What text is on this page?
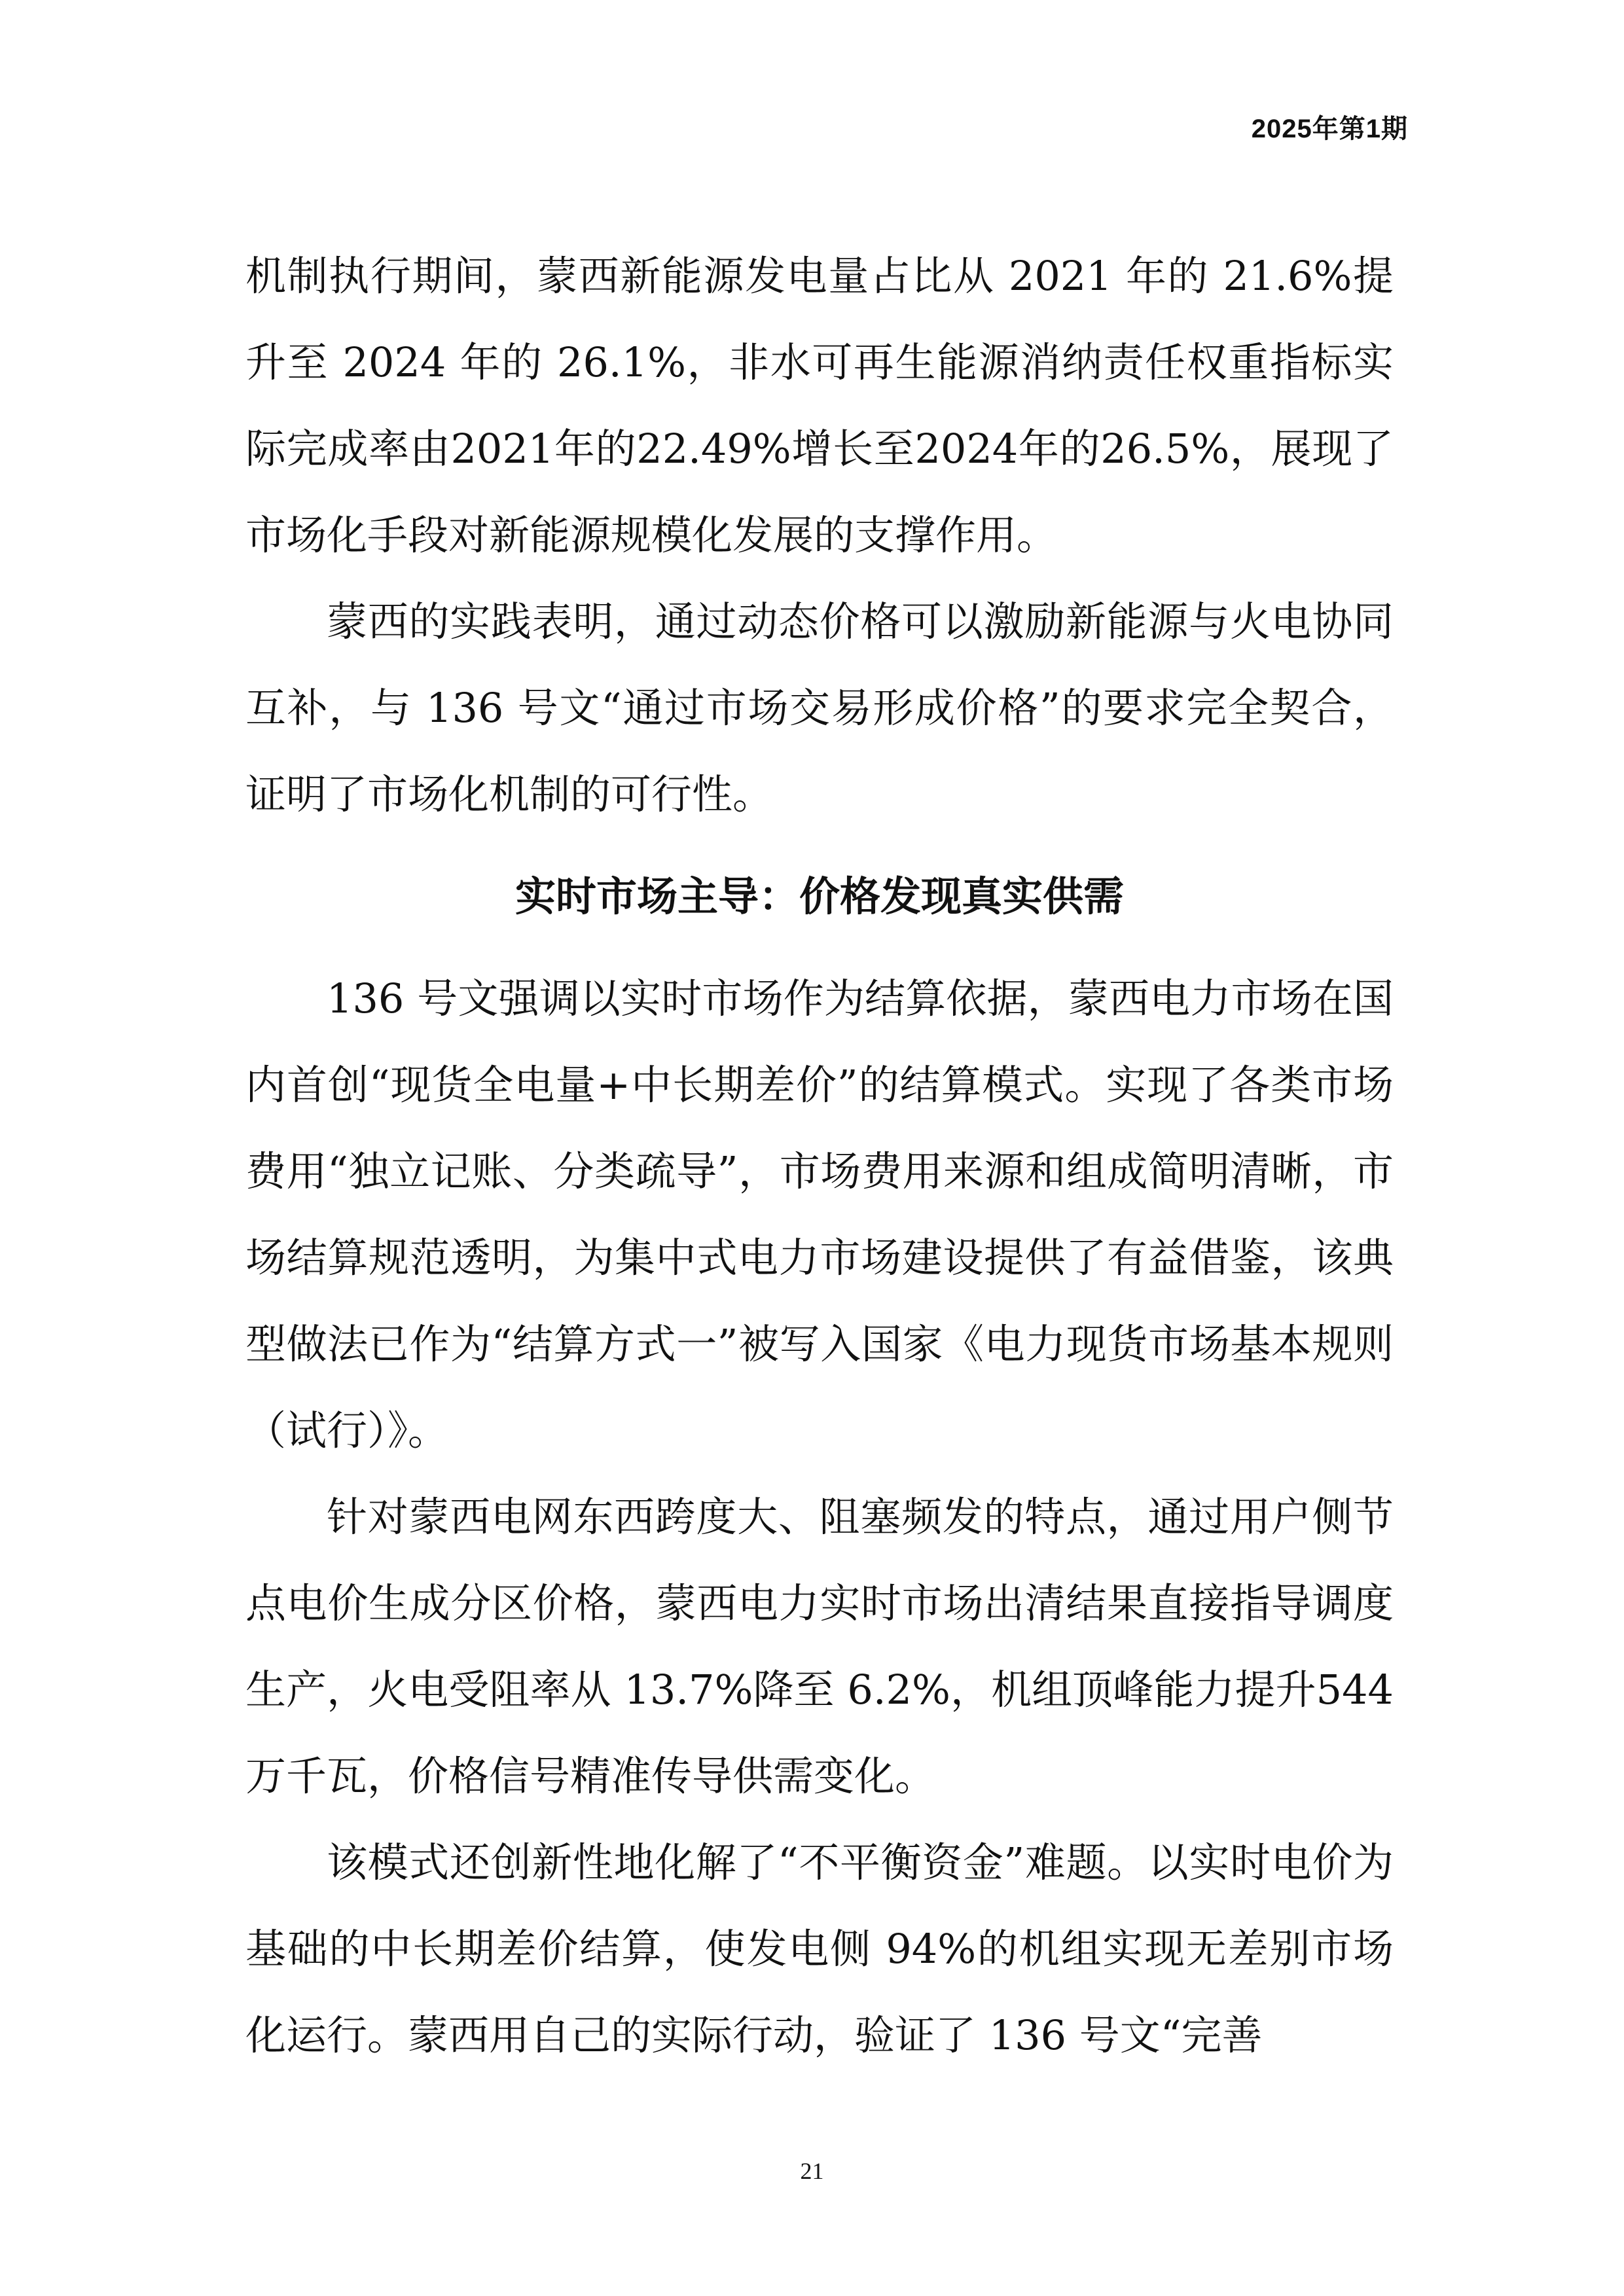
2025年第1期

机制执行期间，蒙西新能源发电量占比从 2021 年的 21.6%提升至 2024 年的 26.1%，非水可再生能源消纳责任权重指标实际完成率由2021年的22.49%增长至2024年的26.5%，展现了市场化手段对新能源规模化发展的支撑作用。

蒙西的实践表明，通过动态价格可以激励新能源与火电协同互补，与 136 号文“通过市场交易形成价格”的要求完全契合，证明了市场化机制的可行性。

实时市场主导：价格发现真实供需

136 号文强调以实时市场作为结算依据，蒙西电力市场在国内首创“现货全电量+中长期差价”的结算模式。实现了各类市场费用“独立记账、分类疏导”，市场费用来源和组成简明清晰，市场结算规范透明，为集中式电力市场建设提供了有益借鉴，该典型做法已作为“结算方式一”被写入国家《电力现货市场基本规则（试行）》。

针对蒙西电网东西跨度大、阻塞频发的特点，通过用户侧节点电价生成分区价格，蒙西电力实时市场出清结果直接指导调度生产，火电受阻率从 13.7%降至 6.2%，机组顶峰能力提升544 万千瓦，价格信号精准传导供需变化。

该模式还创新性地化解了“不平衡资金”难题。以实时电价为基础的中长期差价结算，使发电侧 94%的机组实现无差别市场化运行。蒙西用自己的实际行动，验证了 136 号文“完善

21
